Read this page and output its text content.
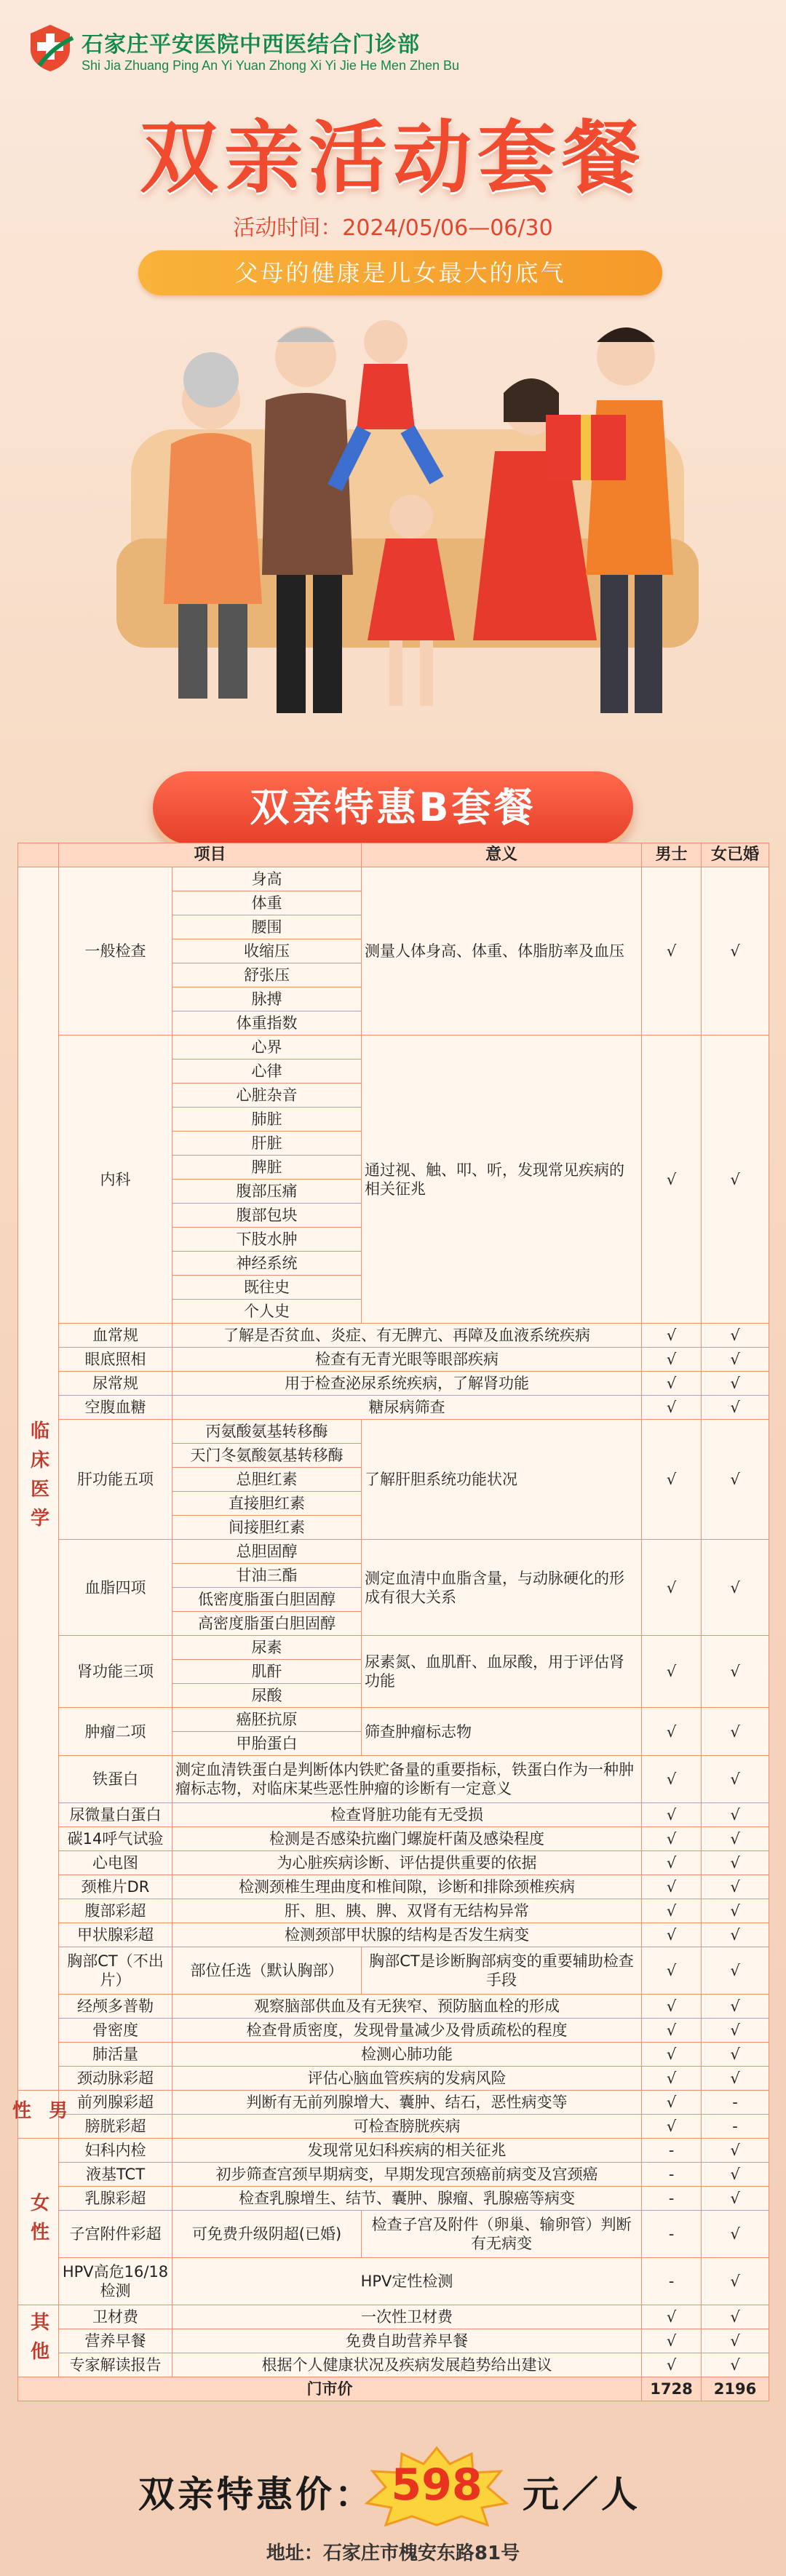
石家庄平安医院中西医结合门诊部
Shi Jia Zhuang Ping An Yi Yuan Zhong Xi Yi Jie He Men Zhen Bu
双亲活动套餐
活动时间：2024/05/06—06/30
父母的健康是儿女最大的底气
双亲特惠B套餐
	项目		意义	男士	女已婚
临床医学	一般检查	身高	测量人体身高、体重、体脂肪率及血压	√	√
		体重			
		腰围			
		收缩压			
		舒张压			
		脉搏			
		体重指数			
	内科	心界	通过视、触、叩、听，发现常见疾病的相关征兆	√	√
		心律			
		心脏杂音			
		肺脏			
		肝脏			
		脾脏			
		腹部压痛			
		腹部包块			
		下肢水肿			
		神经系统			
		既往史			
		个人史			
	血常规	了解是否贫血、炎症、有无脾亢、再障及血液系统疾病		√	√
	眼底照相	检查有无青光眼等眼部疾病		√	√
	尿常规	用于检查泌尿系统疾病，了解肾功能		√	√
	空腹血糖	糖尿病筛查		√	√
	肝功能五项	丙氨酸氨基转移酶	了解肝胆系统功能状况	√	√
		天门冬氨酸氨基转移酶			
		总胆红素			
		直接胆红素			
		间接胆红素			
	血脂四项	总胆固醇	测定血清中血脂含量，与动脉硬化的形成有很大关系	√	√
		甘油三酯			
		低密度脂蛋白胆固醇			
		高密度脂蛋白胆固醇			
	肾功能三项	尿素	尿素氮、血肌酐、血尿酸，用于评估肾功能	√	√
		肌酐			
		尿酸			
	肿瘤二项	癌胚抗原	筛查肿瘤标志物	√	√
		甲胎蛋白			
	铁蛋白	测定血清铁蛋白是判断体内铁贮备量的重要指标，铁蛋白作为一种肿瘤标志物，对临床某些恶性肿瘤的诊断有一定意义		√	√
	尿微量白蛋白	检查肾脏功能有无受损		√	√
	碳14呼气试验	检测是否感染抗幽门螺旋杆菌及感染程度		√	√
	心电图	为心脏疾病诊断、评估提供重要的依据		√	√
	颈椎片DR	检测颈椎生理曲度和椎间隙，诊断和排除颈椎疾病		√	√
	腹部彩超	肝、胆、胰、脾、双肾有无结构异常		√	√
	甲状腺彩超	检测颈部甲状腺的结构是否发生病变		√	√
	胸部CT（不出片）	部位任选（默认胸部）	胸部CT是诊断胸部病变的重要辅助检查手段	√	√
	经颅多普勒	观察脑部供血及有无狭窄、预防脑血栓的形成		√	√
	骨密度	检查骨质密度，发现骨量减少及骨质疏松的程度		√	√
	肺活量	检测心肺功能		√	√
	颈动脉彩超	评估心脑血管疾病的发病风险		√	√
男性	前列腺彩超	判断有无前列腺增大、囊肿、结石，恶性病变等		√	-
	膀胱彩超	可检查膀胱疾病		√	-
女性	妇科内检	发现常见妇科疾病的相关征兆		-	√
	液基TCT	初步筛查宫颈早期病变，早期发现宫颈癌前病变及宫颈癌		-	√
	乳腺彩超	检查乳腺增生、结节、囊肿、腺瘤、乳腺癌等病变		-	√
	子宫附件彩超	可免费升级阴超(已婚)	检查子宫及附件（卵巢、输卵管）判断有无病变	-	√
	HPV高危16/18检测	HPV定性检测		-	√
其他	卫材费	一次性卫材费		√	√
	营养早餐	免费自助营养早餐		√	√
	专家解读报告	根据个人健康状况及疾病发展趋势给出建议		√	√
门市价				1728	2196
双亲特惠价： 598	元／人
地址：石家庄市槐安东路81号
